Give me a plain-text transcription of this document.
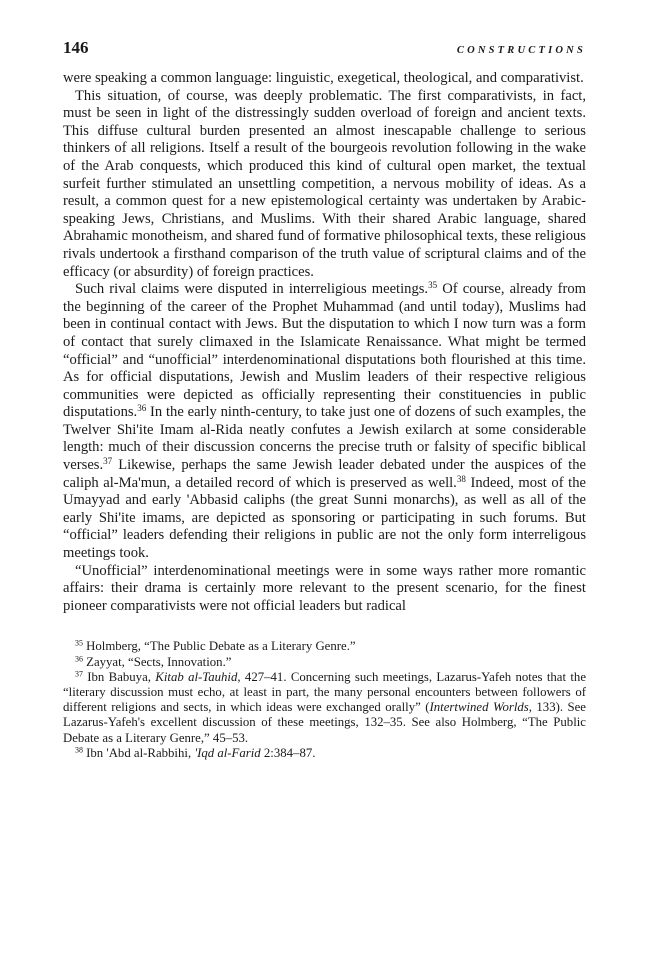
146	CONSTRUCTIONS

were speaking a common language: linguistic, exegetical, theological, and comparativist.

This situation, of course, was deeply problematic. The first comparativists, in fact, must be seen in light of the distressingly sudden overload of foreign and ancient texts. This diffuse cultural burden presented an almost inescapable challenge to serious thinkers of all religions. Itself a result of the bourgeois revolution following in the wake of the Arab conquests, which produced this kind of cultural open market, the textual surfeit further stimulated an unsettling competition, a nervous mobility of ideas. As a result, a common quest for a new epistemological certainty was undertaken by Arabic-speaking Jews, Christians, and Muslims. With their shared Arabic language, shared Abrahamic monotheism, and shared fund of formative philosophical texts, these religious rivals undertook a firsthand comparison of the truth value of scriptural claims and of the efficacy (or absurdity) of foreign practices.

Such rival claims were disputed in interreligious meetings.$^{35}$ Of course, already from the beginning of the career of the Prophet Muhammad (and until today), Muslims had been in continual contact with Jews. But the disputation to which I now turn was a form of contact that surely climaxed in the Islamicate Renaissance. What might be termed “official” and “unofficial” interdenominational disputations both flourished at this time. As for official disputations, Jewish and Muslim leaders of their respective religious communities were depicted as officially representing their constituencies in public disputations.$^{36}$ In the early ninth-century, to take just one of dozens of such examples, the Twelver Shi'ite Imam al-Rida neatly confutes a Jewish exilarch at some considerable length: much of their discussion concerns the precise truth or falsity of specific biblical verses.$^{37}$ Likewise, perhaps the same Jewish leader debated under the auspices of the caliph al-Ma'mun, a detailed record of which is preserved as well.$^{38}$ Indeed, most of the Umayyad and early 'Abbasid caliphs (the great Sunni monarchs), as well as all of the early Shi'ite imams, are depicted as sponsoring or participating in such forums. But “official” leaders defending their religions in public are not the only form interreligous meetings took.

“Unofficial” interdenominational meetings were in some ways rather more romantic affairs: their drama is certainly more relevant to the present scenario, for the finest pioneer comparativists were not official leaders but radical

$^{35}$ Holmberg, “The Public Debate as a Literary Genre.”

$^{36}$ Zayyat, “Sects, Innovation.”

$^{37}$ Ibn Babuya, Kitab al-Tauhid, 427–41. Concerning such meetings, Lazarus-Yafeh notes that the “literary discussion must echo, at least in part, the many personal encounters between followers of different religions and sects, in which ideas were exchanged orally” (Intertwined Worlds, 133). See Lazarus-Yafeh's excellent discussion of these meetings, 132–35. See also Holmberg, “The Public Debate as a Literary Genre,” 45–53.

$^{38}$ Ibn 'Abd al-Rabbihi, 'Iqd al-Farid 2:384–87.
